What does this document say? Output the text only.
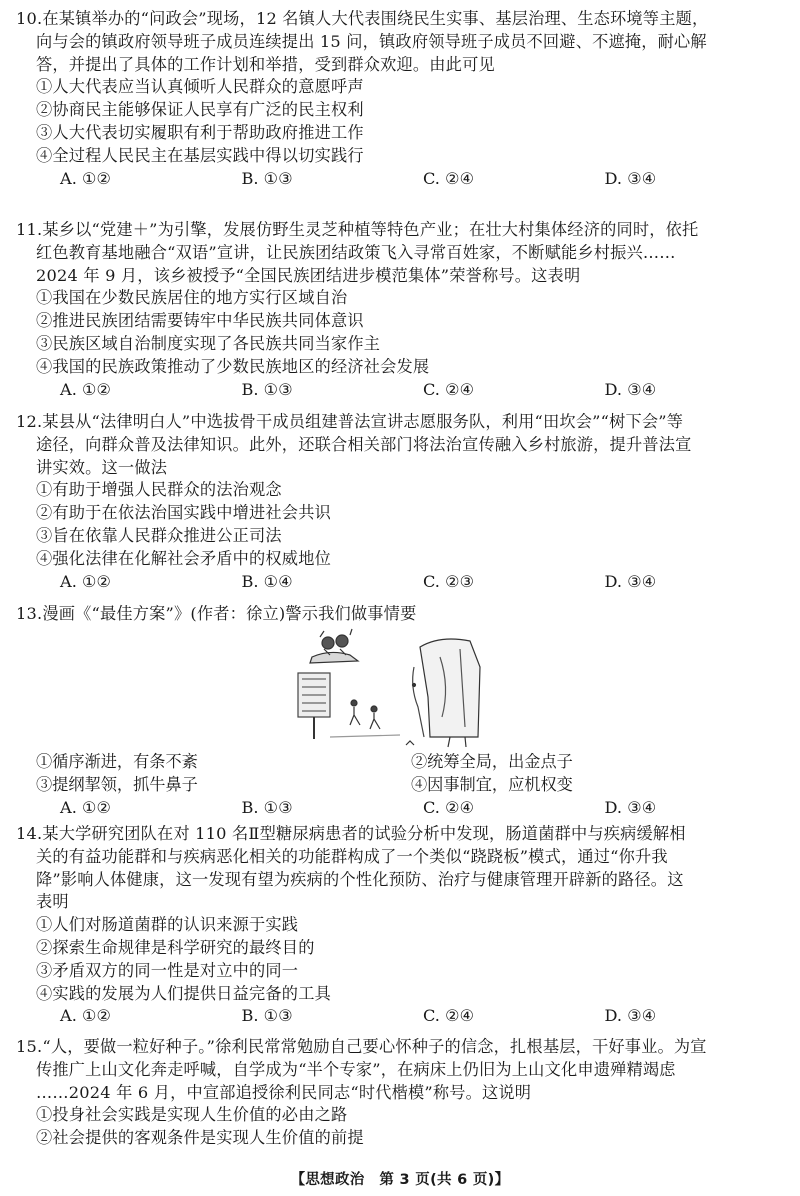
10.在某镇举办的“问政会”现场，12 名镇人大代表围绕民生实事、基层治理、生态环境等主题，
向与会的镇政府领导班子成员连续提出 15 问，镇政府领导班子成员不回避、不遮掩，耐心解
答，并提出了具体的工作计划和举措，受到群众欢迎。由此可见
①人大代表应当认真倾听人民群众的意愿呼声
②协商民主能够保证人民享有广泛的民主权利
③人大代表切实履职有利于帮助政府推进工作
④全过程人民民主在基层实践中得以切实践行
A. ①②	B. ①③	C. ②④	D. ③④
11.某乡以“党建＋”为引擎，发展仿野生灵芝种植等特色产业；在壮大村集体经济的同时，依托
红色教育基地融合“双语”宣讲，让民族团结政策飞入寻常百姓家，不断赋能乡村振兴……
2024 年 9 月，该乡被授予“全国民族团结进步模范集体”荣誉称号。这表明
①我国在少数民族居住的地方实行区域自治
②推进民族团结需要铸牢中华民族共同体意识
③民族区域自治制度实现了各民族共同当家作主
④我国的民族政策推动了少数民族地区的经济社会发展
A. ①②	B. ①③	C. ②④	D. ③④
12.某县从“法律明白人”中选拔骨干成员组建普法宣讲志愿服务队，利用“田坎会”“树下会”等
途径，向群众普及法律知识。此外，还联合相关部门将法治宣传融入乡村旅游，提升普法宣
讲实效。这一做法
①有助于增强人民群众的法治观念
②有助于在依法治国实践中增进社会共识
③旨在依靠人民群众推进公正司法
④强化法律在化解社会矛盾中的权威地位
A. ①②	B. ①④	C. ②③	D. ③④
13.漫画《“最佳方案”》(作者：徐立)警示我们做事情要
①循序渐进，有条不紊	②统筹全局，出金点子
③提纲挈领，抓牛鼻子	④因事制宜，应机权变
A. ①②	B. ①③	C. ②④	D. ③④
14.某大学研究团队在对 110 名Ⅱ型糖尿病患者的试验分析中发现，肠道菌群中与疾病缓解相
关的有益功能群和与疾病恶化相关的功能群构成了一个类似“跷跷板”模式，通过“你升我
降”影响人体健康，这一发现有望为疾病的个性化预防、治疗与健康管理开辟新的路径。这
表明
①人们对肠道菌群的认识来源于实践
②探索生命规律是科学研究的最终目的
③矛盾双方的同一性是对立中的同一
④实践的发展为人们提供日益完备的工具
A. ①②	B. ①③	C. ②④	D. ③④
15.“人，要做一粒好种子。”徐利民常常勉励自己要心怀种子的信念，扎根基层，干好事业。为宣
传推广上山文化奔走呼喊，自学成为“半个专家”，在病床上仍旧为上山文化申遗殚精竭虑
……2024 年 6 月，中宣部追授徐利民同志“时代楷模”称号。这说明
①投身社会实践是实现人生价值的必由之路
②社会提供的客观条件是实现人生价值的前提
【思想政治　第 3 页(共 6 页)】
